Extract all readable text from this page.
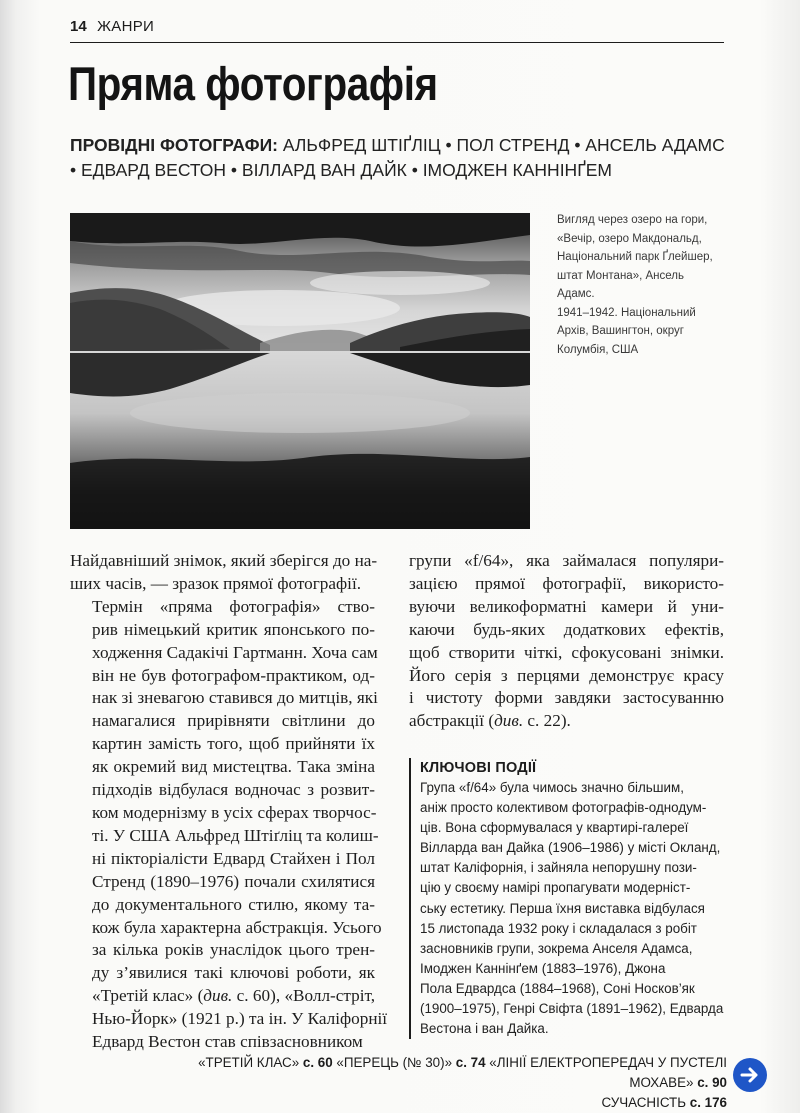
14 ЖАНРИ
Пряма фотографія
ПРОВІДНІ ФОТОГРАФИ: АЛЬФРЕД ШТІҐЛІЦ • ПОЛ СТРЕНД • АНСЕЛЬ АДАМС
• ЕДВАРД ВЕСТОН • ВІЛЛАРД ВАН ДАЙК • ІМОДЖЕН КАННІНҐЕМ
Вигляд через озеро на гори,
«Вечір, озеро Макдональд,
Національний парк Ґлейшер,
штат Монтана», Ансель Адамс.
1941–1942. Національний
Архів, Вашингтон, округ
Колумбія, США

Найдавніший знімок, який зберігся до на-
ших часів, — зразок прямої фотографії.

Термін «пряма фотографія» ство-
рив німецький критик японського по-
ходження Садакічі Гартманн. Хоча сам
він не був фотографом-практиком, од-
нак зі зневагою ставився до митців, які
намагалися прирівняти світлини до
картин замість того, щоб прийняти їх
як окремий вид мистецтва. Така зміна
підходів відбулася водночас з розвит-
ком модернізму в усіх сферах творчос-
ті. У США Альфред Штіґліц та колиш-
ні пікторіалісти Едвард Стайхен і Пол
Стренд (1890–1976) почали схилятися
до документального стилю, якому та-
кож була характерна абстракція. Усього
за кілька років унаслідок цього трен-
ду з’явилися такі ключові роботи, як
«Третій клас» (див. с. 60), «Волл-стріт,
Нью-Йорк» (1921 р.) та ін. У Каліфорнії
Едвард Вестон став співзасновником

групи «f/64», яка займалася популяри-
зацією прямої фотографії, використо-
вуючи великоформатні камери й уни-
каючи будь-яких додаткових ефектів,
щоб створити чіткі, сфокусовані знімки.
Його серія з перцями демонструє красу
і чистоту форми завдяки застосуванню
абстракції (див. с. 22).

КЛЮЧОВІ ПОДІЇ
Група «f/64» була чимось значно більшим,
аніж просто колективом фотографів-однодум-
ців. Вона сформувалася у квартирі-галереї
Вілларда ван Дайка (1906–1986) у місті Окланд,
штат Каліфорнія, і зайняла непорушну пози-
цію у своєму намірі пропагувати модерніст-
ську естетику. Перша їхня виставка відбулася
15 листопада 1932 року і складалася з робіт
засновників групи, зокрема Анселя Адамса,
Імоджен Каннінґем (1883–1976), Джона
Пола Едвардса (1884–1968), Соні Носков’як
(1900–1975), Генрі Свіфта (1891–1962), Едварда
Вестона і ван Дайка.
«ТРЕТІЙ КЛАС» с. 60 «ПЕРЕЦЬ (№ 30)» с. 74 «ЛІНІЇ ЕЛЕКТРОПЕРЕДАЧ У ПУСТЕЛІ МОХАВЕ» с. 90
СУЧАСНІСТЬ с. 176
